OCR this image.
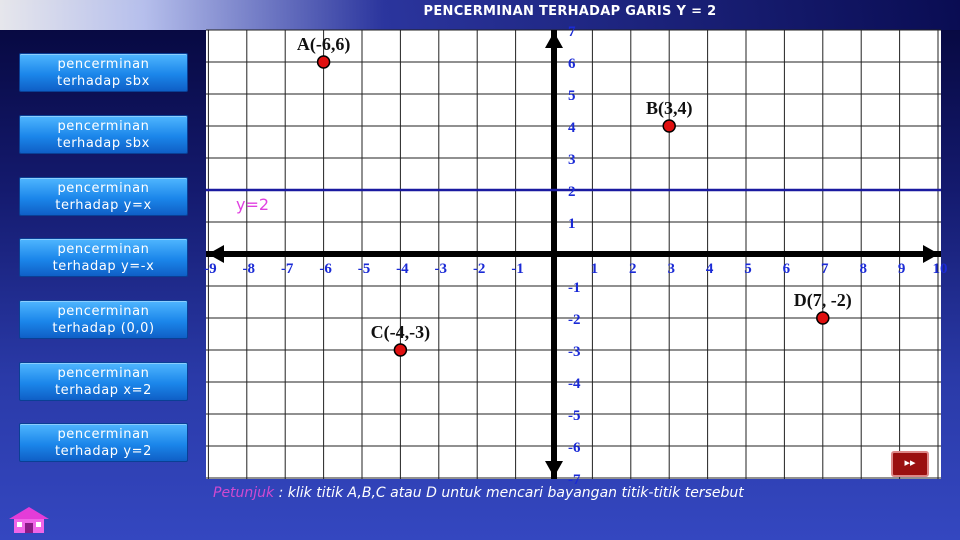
PENCERMINAN TERHADAP GARIS Y = 2
pencerminan
terhadap sbx
pencerminan
terhadap sbx
pencerminan
terhadap y=x
pencerminan
terhadap y=-x
pencerminan
terhadap (0,0)
pencerminan
terhadap x=2
pencerminan
terhadap y=2
y=2
-9 -8 -7 -6 -5 -4 -3 -2 -1	1 2 3 4 5 6 7 8 9 10
7
6
5
4
3
2
1
-1
-2
-3
-4
-5
-6
-7
A(-6,6)
B(3,4)
C(-4,-3)
D(7, -2)
▸▸
Petunjuk : klik titik A,B,C atau D untuk mencari bayangan titik-titik tersebut
